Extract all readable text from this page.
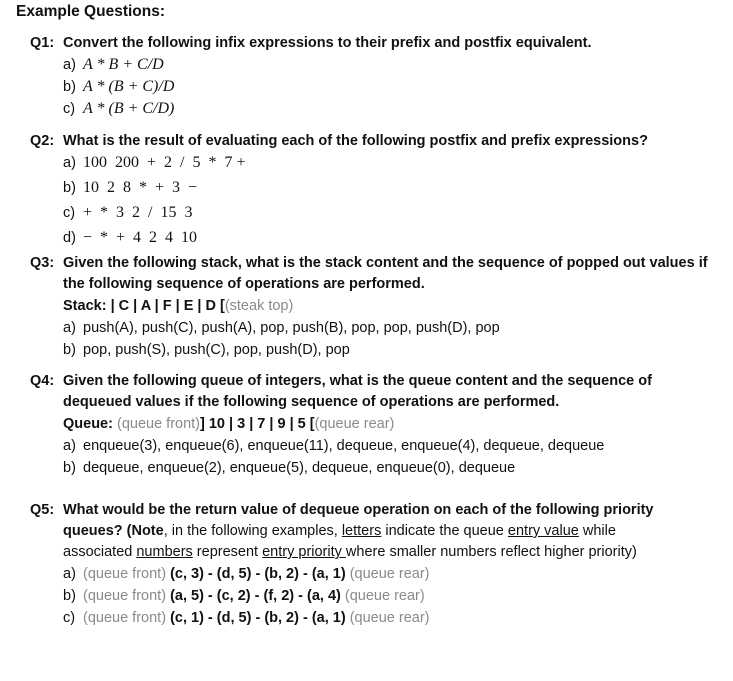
Example Questions:
Q1: Convert the following infix expressions to their prefix and postfix equivalent.
a) A * B + C/D
b) A * (B + C)/D
c) A * (B + C/D)
Q2: What is the result of evaluating each of the following postfix and prefix expressions?
a) 100  200  +  2  /  5  *  7 +
b) 10  2  8  *  +  3  −
c) +  *  3  2  /  15  3
d) −  *  +  4  2  4  10
Q3: Given the following stack, what is the stack content and the sequence of popped out values if
the following sequence of operations are performed.
Stack: | C | A | F | E | D [(steak top)
a) push(A), push(C), push(A), pop, push(B), pop, pop, push(D), pop
b) pop, push(S), push(C), pop, push(D), pop
Q4: Given the following queue of integers, what is the queue content and the sequence of
dequeued values if the following sequence of operations are performed.
Queue: (queue front)] 10 | 3 | 7 | 9 | 5 [(queue rear)
a) enqueue(3), enqueue(6), enqueue(11), dequeue, enqueue(4), dequeue, dequeue
b) dequeue, enqueue(2), enqueue(5), dequeue, enqueue(0), dequeue
Q5: What would be the return value of dequeue operation on each of the following priority
queues? (Note, in the following examples, letters indicate the queue entry value while
associated numbers represent entry priority where smaller numbers reflect higher priority)
a) (queue front) (c, 3) - (d, 5) - (b, 2) - (a, 1) (queue rear)
b) (queue front) (a, 5) - (c, 2) - (f, 2) - (a, 4) (queue rear)
c) (queue front) (c, 1) - (d, 5) - (b, 2) - (a, 1) (queue rear)
